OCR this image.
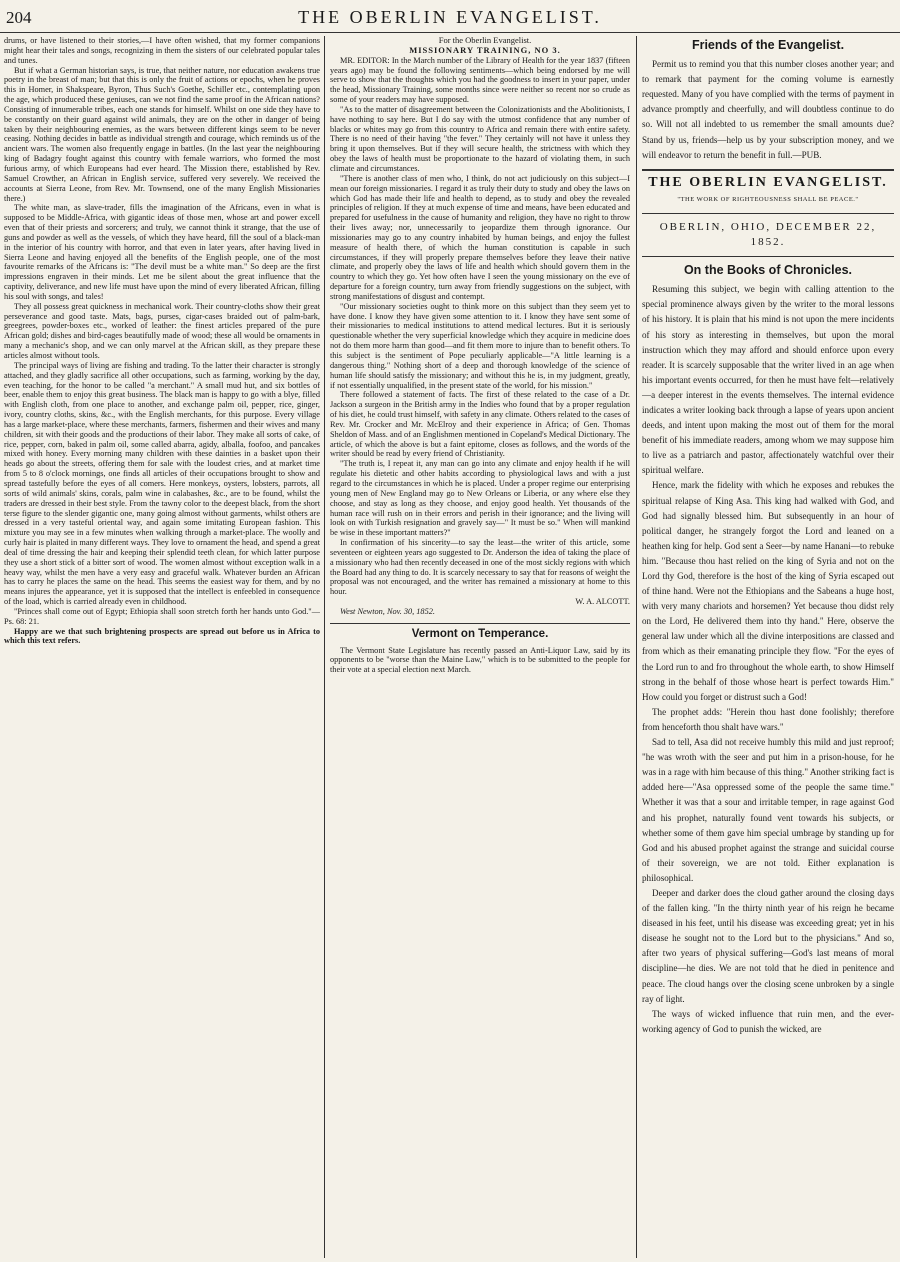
204	THE OBERLIN EVANGELIST.

drums, or have listened to their stories,—I have often wished, that my former companions might hear their tales and songs, recognizing in them the sisters of our celebrated popular tales and tunes.

But if what a German historian says, is true, that neither nature, nor education awakens true poetry in the breast of man; but that this is only the fruit of actions or epochs, when he proves this in Homer, in Shakspeare, Byron, Thus Such's Goethe, Schiller etc., contemplating upon the age, which produced these geniuses, can we not find the same proof in the African nations? Consisting of innumerable tribes, each one stands for himself. Whilst on one side they have to be constantly on their guard against wild animals, they are on the other in danger of being taken by their neighbouring enemies, as the wars between different kings seem to be never ceasing. Nothing decides in battle as individual strength and courage, which reminds us of the ancient wars. The women also frequently engage in battles. (In the last year the neighbouring king of Badagry fought against this country with female warriors, who formed the most furious army, of which Europeans had ever heard. The Mission there, established by Rev. Samuel Crowther, an African in English service, suffered very severely. We received the accounts at Sierra Leone, from Rev. Mr. Townsend, one of the many English Missionaries there.)

The white man, as slave-trader, fills the imagination of the Africans, even in what is supposed to be Middle-Africa, with gigantic ideas of those men, whose art and power excell even that of their priests and sorcerers; and truly, we cannot think it strange, that the use of guns and powder as well as the vessels, of which they have heard, fill the soul of a black-man in the interior of his country with horror, and that even in later years, after having lived in Sierra Leone and having enjoyed all the benefits of the English people, one of the most favourite remarks of the Africans is: "The devil must be a white man." So deep are the first impressions engraven in their minds. Let me be silent about the great influence that the captivity, deliverance, and new life must have upon the mind of every liberated African, filling his soul with songs, and tales!

They all possess great quickness in mechanical work. Their country-cloths show their great perseverance and good taste. Mats, bags, purses, cigar-cases braided out of palm-bark, greegrees, powder-boxes etc., worked of leather: the finest articles prepared of the pure African gold; dishes and bird-cages beautifully made of wood; these all would be ornaments in many a mechanic's shop, and we can only marvel at the African skill, as they prepare these articles almost without tools.

The principal ways of living are fishing and trading. To the latter their character is strongly attached, and they gladly sacrifice all other occupations, such as farming, working by the day, even teaching, for the honor to be called "a merchant." A small mud hut, and six bottles of beer, enable them to enjoy this great business. The black man is happy to go with a blye, filled with English cloth, from one place to another, and exchange palm oil, pepper, rice, ginger, ivory, country cloths, skins, &c., with the English merchants, for this purpose. Every village has a large market-place, where these merchants, farmers, fishermen and their wives and many children, sit with their goods and the productions of their labor. They make all sorts of cake, of rice, pepper, corn, baked in palm oil, some called abarra, agidy, alballa, foofoo, and pancakes mixed with honey. Every morning many children with these dainties in a basket upon their heads go about the streets, offering them for sale with the loudest cries, and at market time from 5 to 8 o'clock mornings, one finds all articles of their occupations brought to show and spread tastefully before the eyes of all comers. Here monkeys, oysters, lobsters, parrots, all sorts of wild animals' skins, corals, palm wine in calabashes, &c., are to be found, whilst the traders are dressed in their best style. From the tawny color to the deepest black, from the short terse figure to the slender gigantic one, many going almost without garments, whilst others are dressed in a very tasteful oriental way, and again some imitating European fashion. This mixture you may see in a few minutes when walking through a market-place. The woolly and curly hair is plaited in many different ways. They love to ornament the head, and spend a great deal of time dressing the hair and keeping their splendid teeth clean, for which latter purpose they use a short stick of a bitter sort of wood. The women almost without exception walk in a heavy way, whilst the men have a very easy and graceful walk. Whatever burden an African has to carry he places the same on the head. This seems the easiest way for them, and by no means injures the appearance, yet it is supposed that the intellect is enfeebled in consequence of the load, which is carried already even in childhood.

"Princes shall come out of Egypt; Ethiopia shall soon stretch forth her hands unto God."—Ps. 68: 21.

Happy are we that such brightening prospects are spread out before us in Africa to which this text refers.

For the Oberlin Evangelist.

MISSIONARY TRAINING, NO 3.

MR. EDITOR: In the March number of the Library of Health for the year 1837 (fifteen years ago) may be found the following sentiments—which being endorsed by me will serve to show that the thoughts which you had the goodness to insert in your paper, under the head, Missionary Training, some months since were neither so recent nor so crude as some of your readers may have supposed.

"As to the matter of disagreement between the Colonizationists and the Abolitionists, I have nothing to say here. But I do say with the utmost confidence that any number of blacks or whites may go from this country to Africa and remain there with entire safety. There is no need of their having "the fever." They certainly will not have it unless they bring it upon themselves. But if they will secure health, the strictness with which they obey the laws of health must be proportionate to the hazard of violating them, in such climate and circumstances.

"There is another class of men who, I think, do not act judiciously on this subject—I mean our foreign missionaries. I regard it as truly their duty to study and obey the laws on which God has made their life and health to depend, as to study and obey the revealed principles of religion. If they at much expense of time and means, have been educated and prepared for usefulness in the cause of humanity and religion, they have no right to throw their lives away; nor, unnecessarily to jeopardize them through ignorance. Our missionaries may go to any country inhabited by human beings, and enjoy the fullest measure of health there, of which the human constitution is capable in such circumstances, if they will properly prepare themselves before they leave their native climate, and properly obey the laws of life and health which should govern them in the country to which they go. Yet how often have I seen the young missionary on the eve of departure for a foreign country, turn away from friendly suggestions on the subject, with strong manifestations of disgust and contempt.

"Our missionary societies ought to think more on this subject than they seem yet to have done. I know they have given some attention to it. I know they have sent some of their missionaries to medical institutions to attend medical lectures. But it is seriously questionable whether the very superficial knowledge which they acquire in medicine does not do them more harm than good—and fit them more to injure than to benefit others. To this subject is the sentiment of Pope peculiarly applicable—"A little learning is a dangerous thing." Nothing short of a deep and thorough knowledge of the science of human life should satisfy the missionary; and without this he is, in my judgment, greatly, if not essentially unqualified, in the present state of the world, for his mission."

There followed a statement of facts. The first of these related to the case of a Dr. Jackson a surgeon in the British army in the Indies who found that by a proper regulation of his diet, he could trust himself, with safety in any climate. Others related to the cases of Rev. Mr. Crocker and Mr. McElroy and their experience in Africa; of Gen. Thomas Sheldon of Mass. and of an Englishmen mentioned in Copeland's Medical Dictionary. The article, of which the above is but a faint epitome, closes as follows, and the words of the writer should be read by every friend of Christianity.

"The truth is, I repeat it, any man can go into any climate and enjoy health if he will regulate his dietetic and other habits according to physiological laws and with a just regard to the circumstances in which he is placed. Under a proper regime our enterprising young men of New England may go to New Orleans or Liberia, or any where else they choose, and stay as long as they choose, and enjoy good health. Yet thousands of the human race will rush on in their errors and perish in their ignorance; and the living will look on with Turkish resignation and gravely say—" It must be so." When will mankind be wise in these important matters?"

In confirmation of his sincerity—to say the least—the writer of this article, some seventeen or eighteen years ago suggested to Dr. Anderson the idea of taking the place of a missionary who had then recently deceased in one of the most sickly regions with which the Board had any thing to do. It is scarcely necessary to say that for reasons of weight the proposal was not encouraged, and the writer has remained a missionary at home to this hour.

W. A. ALCOTT.

West Newton, Nov. 30, 1852.

Vermont on Temperance.

The Vermont State Legislature has recently passed an Anti-Liquor Law, said by its opponents to be "worse than the Maine Law," which is to be submitted to the people for their vote at a special election next March.

Friends of the Evangelist.

Permit us to remind you that this number closes another year; and to remark that payment for the coming volume is earnestly requested. Many of you have complied with the terms of payment in advance promptly and cheerfully, and will doubtless continue to do so. Will not all indebted to us remember the small amounts due? Stand by us, friends—help us by your subscription money, and we will endeavor to return the benefit in full.—PUB.

THE OBERLIN EVANGELIST.
"THE WORK OF RIGHTEOUSNESS SHALL BE PEACE."
OBERLIN, OHIO, DECEMBER 22, 1852.
On the Books of Chronicles.

Resuming this subject, we begin with calling attention to the special prominence always given by the writer to the moral lessons of his history. It is plain that his mind is not upon the mere incidents of his story as interesting in themselves, but upon the moral instruction which they may afford and should enforce upon every reader. It is scarcely supposable that the writer lived in an age when his important events occurred, for then he must have felt—relatively—a deeper interest in the events themselves. The internal evidence indicates a writer looking back through a lapse of years upon ancient deeds, and intent upon making the most out of them for the moral benefit of his immediate readers, among whom we may suppose him to live as a patriarch and pastor, affectionately watchful over their spiritual welfare.

Hence, mark the fidelity with which he exposes and rebukes the spiritual relapse of King Asa. This king had walked with God, and God had signally blessed him. But subsequently in an hour of political danger, he strangely forgot the Lord and leaned on a heathen king for help. God sent a Seer—by name Hanani—to rebuke him. "Because thou hast relied on the king of Syria and not on the Lord thy God, therefore is the host of the king of Syria escaped out of thine hand. Were not the Ethiopians and the Sabeans a huge host, with very many chariots and horsemen? Yet because thou didst rely on the Lord, He delivered them into thy hand." Here, observe the general law under which all the divine interpositions are classed and from which as their emanating principle they flow. "For the eyes of the Lord run to and fro throughout the whole earth, to show Himself strong in the behalf of those whose heart is perfect towards Him." How could you forget or distrust such a God!

The prophet adds: "Herein thou hast done foolishly; therefore from henceforth thou shalt have wars."

Sad to tell, Asa did not receive humbly this mild and just reproof; "he was wroth with the seer and put him in a prison-house, for he was in a rage with him because of this thing." Another striking fact is added here—"Asa oppressed some of the people the same time." Whether it was that a sour and irritable temper, in rage against God and his prophet, naturally found vent towards his subjects, or whether some of them gave him special umbrage by standing up for God and his abused prophet against the strange and suicidal course of their sovereign, we are not told. Either explanation is philosophical.

Deeper and darker does the cloud gather around the closing days of the fallen king. "In the thirty ninth year of his reign he became diseased in his feet, until his disease was exceeding great; yet in his disease he sought not to the Lord but to the physicians." And so, after two years of physical suffering—God's last means of moral discipline—he dies. We are not told that he died in penitence and peace. The cloud hangs over the closing scene unbroken by a single ray of light.

The ways of wicked influence that ruin men, and the ever-working agency of God to punish the wicked, are
